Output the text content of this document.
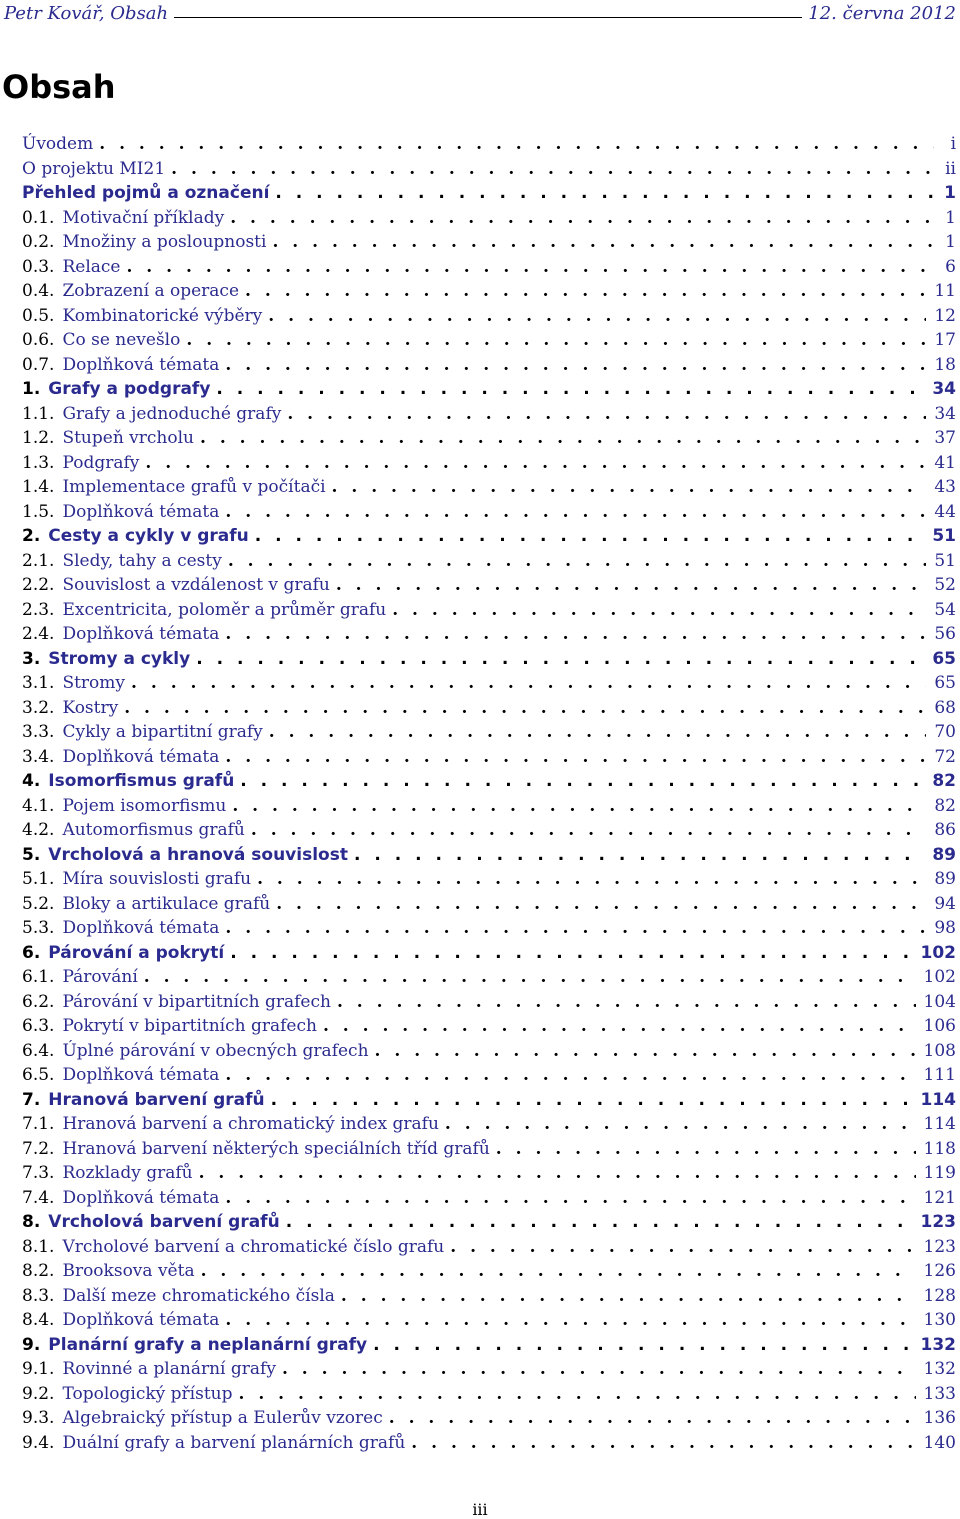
Petr Kovář, Obsah	12. června 2012
Obsah
Úvodem . . .	i
O projektu MI21 . . .	ii
Přehled pojmů a označení . . .	1
0.1. Motivační příklady . . .	1
0.2. Množiny a posloupnosti . . .	1
0.3. Relace . . .	6
0.4. Zobrazení a operace . . .	11
0.5. Kombinatorické výběry . . .	12
0.6. Co se nevešlo . . .	17
0.7. Doplňková témata . . .	18
1. Grafy a podgrafy . . .	34
1.1. Grafy a jednoduché grafy . . .	34
1.2. Stupeň vrcholu . . .	37
1.3. Podgrafy . . .	41
1.4. Implementace grafů v počítači . . .	43
1.5. Doplňková témata . . .	44
2. Cesty a cykly v grafu . . .	51
2.1. Sledy, tahy a cesty . . .	51
2.2. Souvislost a vzdálenost v grafu . . .	52
2.3. Excentricita, poloměr a průměr grafu . . .	54
2.4. Doplňková témata . . .	56
3. Stromy a cykly . . .	65
3.1. Stromy . . .	65
3.2. Kostry . . .	68
3.3. Cykly a bipartitní grafy . . .	70
3.4. Doplňková témata . . .	72
4. Isomorfismus grafů . . .	82
4.1. Pojem isomorfismu . . .	82
4.2. Automorfismus grafů . . .	86
5. Vrcholová a hranová souvislost . . .	89
5.1. Míra souvislosti grafu . . .	89
5.2. Bloky a artikulace grafů . . .	94
5.3. Doplňková témata . . .	98
6. Párování a pokrytí . . .	102
6.1. Párování . . .	102
6.2. Párování v bipartitních grafech . . .	104
6.3. Pokrytí v bipartitních grafech . . .	106
6.4. Úplné párování v obecných grafech . . .	108
6.5. Doplňková témata . . .	111
7. Hranová barvení grafů . . .	114
7.1. Hranová barvení a chromatický index grafu . . .	114
7.2. Hranová barvení některých speciálních tříd grafů . . .	118
7.3. Rozklady grafů . . .	119
7.4. Doplňková témata . . .	121
8. Vrcholová barvení grafů . . .	123
8.1. Vrcholové barvení a chromatické číslo grafu . . .	123
8.2. Brooksova věta . . .	126
8.3. Další meze chromatického čísla . . .	128
8.4. Doplňková témata . . .	130
9. Planární grafy a neplanární grafy . . .	132
9.1. Rovinné a planární grafy . . .	132
9.2. Topologický přístup . . .	133
9.3. Algebraický přístup a Eulerův vzorec . . .	136
9.4. Duální grafy a barvení planárních grafů . . .	140
iii
